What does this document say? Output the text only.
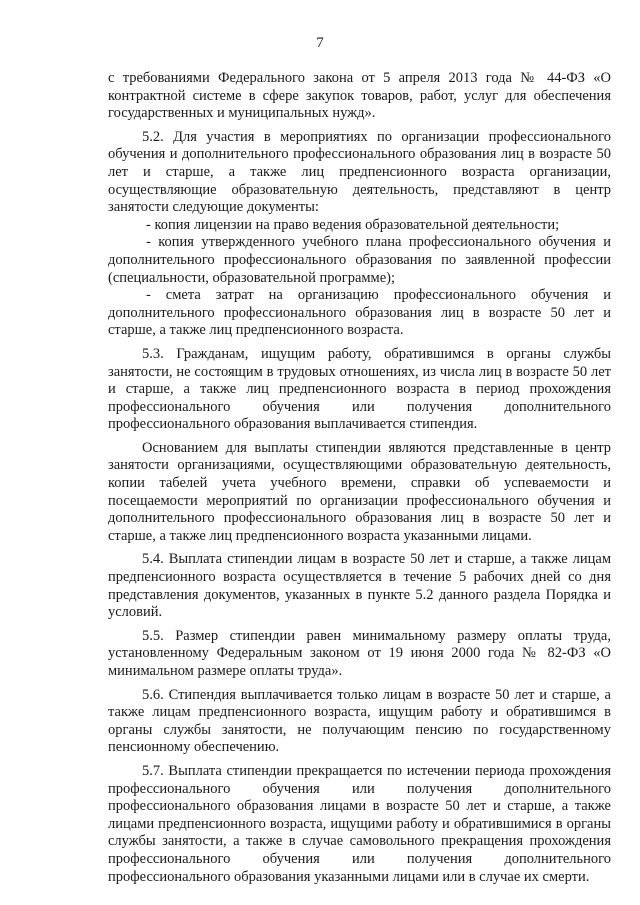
7

с требованиями Федерального закона от 5 апреля 2013 года № 44-ФЗ «О контрактной системе в сфере закупок товаров, работ, услуг для обеспечения государственных и муниципальных нужд».

5.2. Для участия в мероприятиях по организации профессионального обучения и дополнительного профессионального образования лиц в возрасте 50 лет и старше, а также лиц предпенсионного возраста организации, осуществляющие образовательную деятельность, представляют в центр занятости следующие документы:

- копия лицензии на право ведения образовательной деятельности;

- копия утвержденного учебного плана профессионального обучения и дополнительного профессионального образования по заявленной профессии (специальности, образовательной программе);

- смета затрат на организацию профессионального обучения и дополнительного профессионального образования лиц в возрасте 50 лет и старше, а также лиц предпенсионного возраста.

5.3. Гражданам, ищущим работу, обратившимся в органы службы занятости, не состоящим в трудовых отношениях, из числа лиц в возрасте 50 лет и старше, а также лиц предпенсионного возраста в период прохождения профессионального обучения или получения дополнительного профессионального образования выплачивается стипендия.

Основанием для выплаты стипендии являются представленные в центр занятости организациями, осуществляющими образовательную деятельность, копии табелей учета учебного времени, справки об успеваемости и посещаемости мероприятий по организации профессионального обучения и дополнительного профессионального образования лиц в возрасте 50 лет и старше, а также лиц предпенсионного возраста указанными лицами.

5.4. Выплата стипендии лицам в возрасте 50 лет и старше, а также лицам предпенсионного возраста осуществляется в течение 5 рабочих дней со дня представления документов, указанных в пункте 5.2 данного раздела Порядка и условий.

5.5. Размер стипендии равен минимальному размеру оплаты труда, установленному Федеральным законом от 19 июня 2000 года № 82-ФЗ «О минимальном размере оплаты труда».

5.6. Стипендия выплачивается только лицам в возрасте 50 лет и старше, а также лицам предпенсионного возраста, ищущим работу и обратившимся в органы службы занятости, не получающим пенсию по государственному пенсионному обеспечению.

5.7. Выплата стипендии прекращается по истечении периода прохождения профессионального обучения или получения дополнительного профессионального образования лицами в возрасте 50 лет и старше, а также лицами предпенсионного возраста, ищущими работу и обратившимися в органы службы занятости, а также в случае самовольного прекращения прохождения профессионального обучения или получения дополнительного профессионального образования указанными лицами или в случае их смерти.
